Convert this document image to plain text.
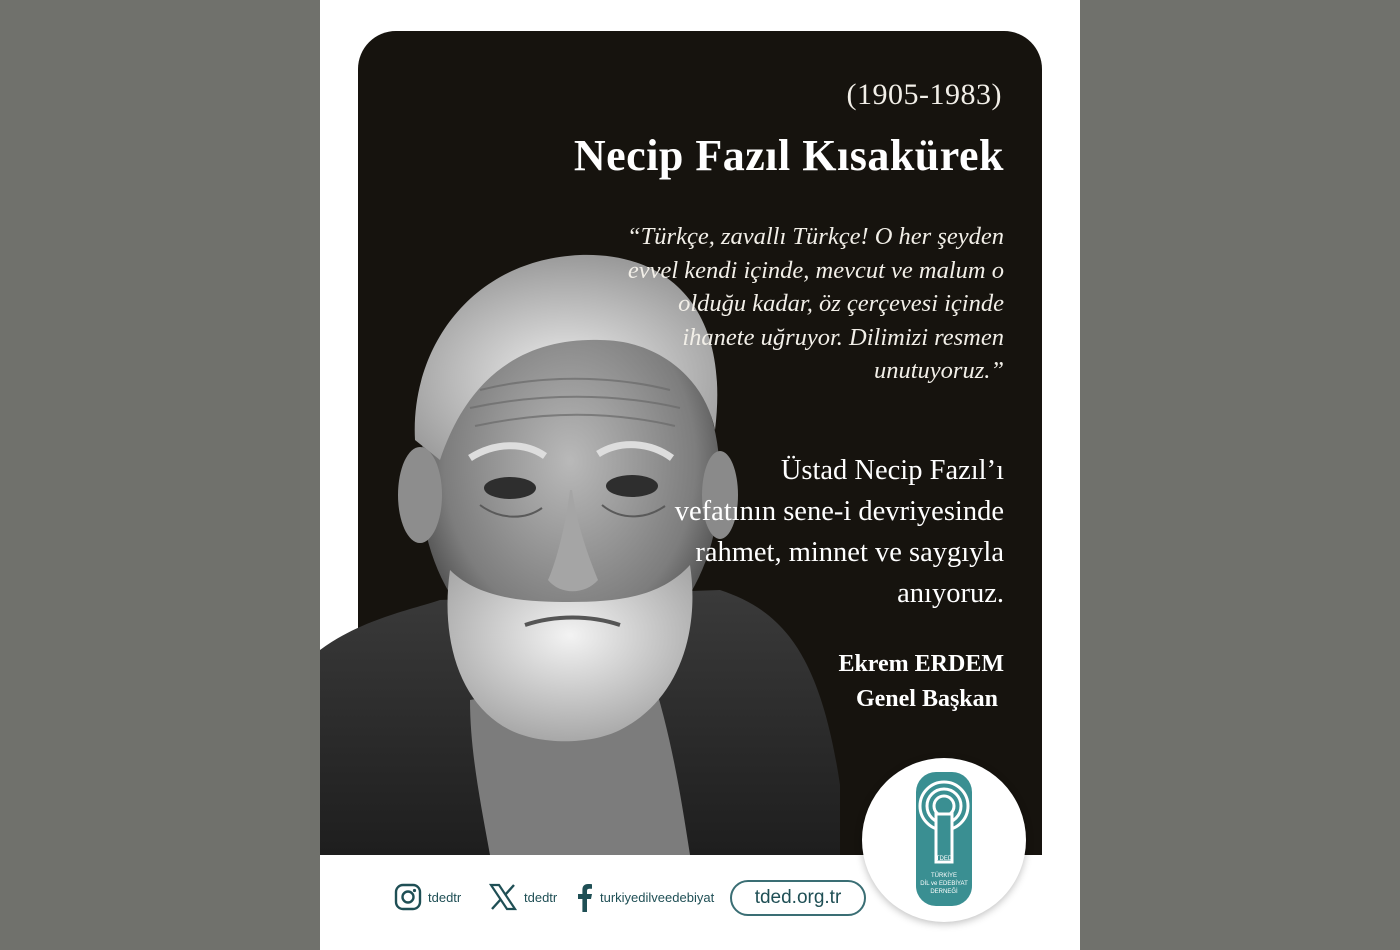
(1905-1983)
Necip Fazıl Kısakürek
“Türkçe, zavallı Türkçe! O her şeyden
evvel kendi içinde, mevcut ve malum o
olduğu kadar, öz çerçevesi içinde
ihanete uğruyor. Dilimizi resmen
unutuyoruz.”
Üstad Necip Fazıl’ı
vefatının sene-i devriyesinde
rahmet, minnet ve saygıyla
anıyoruz.
Ekrem ERDEM
Genel Başkan
TDED
TÜRKİYE
DİL ve EDEBİYAT
DERNEĞİ
tdedtr	tdedtr	turkiyedilveedebiyat	tded.org.tr
